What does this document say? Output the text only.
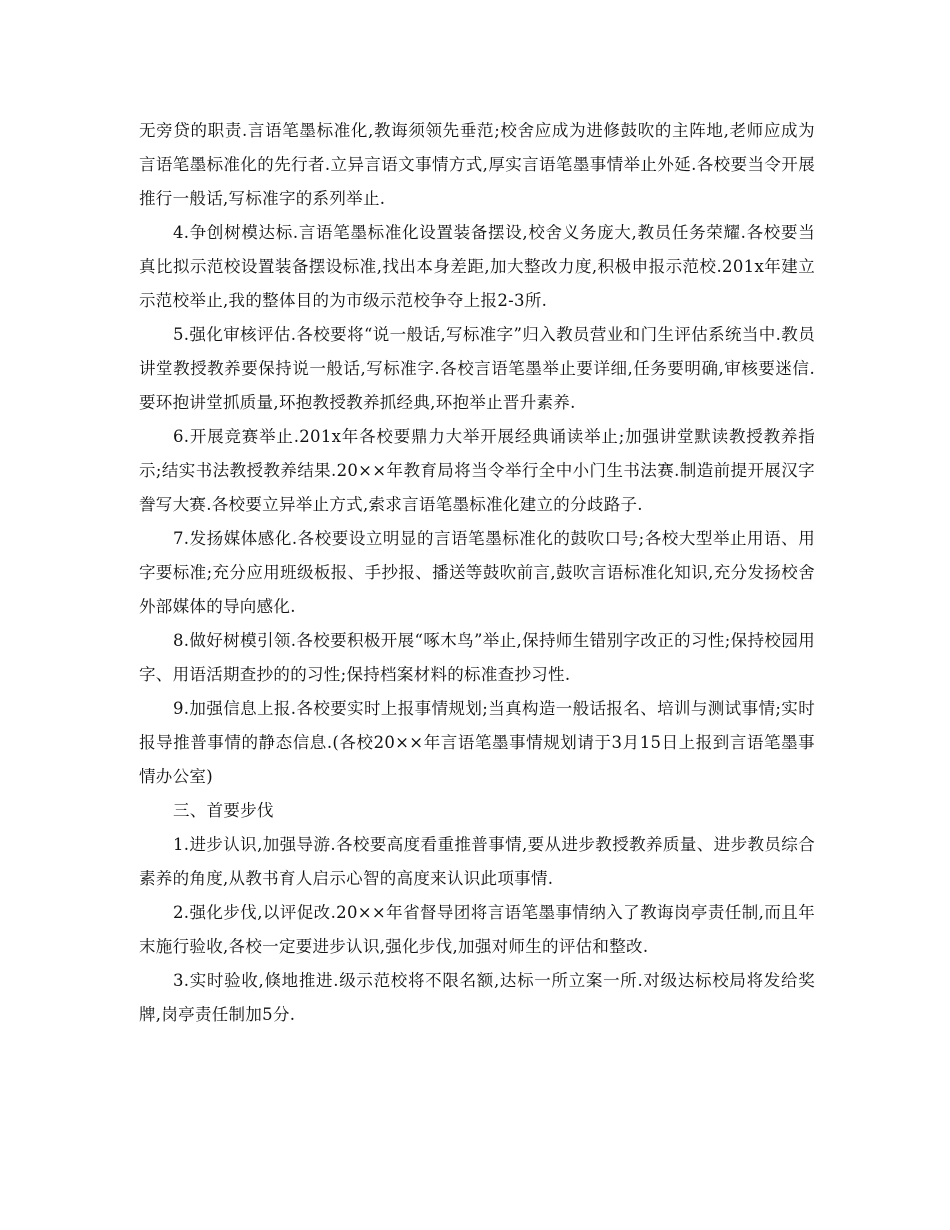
无旁贷的职责.言语笔墨标准化,教诲须领先垂范;校舍应成为进修鼓吹的主阵地,老师应成为言语笔墨标准化的先行者.立异言语文事情方式,厚实言语笔墨事情举止外延.各校要当令开展推行一般话,写标准字的系列举止.

4.争创树模达标.言语笔墨标准化设置装备摆设,校舍义务庞大,教员任务荣耀.各校要当真比拟示范校设置装备摆设标准,找出本身差距,加大整改力度,积极申报示范校.201x年建立示范校举止,我的整体目的为市级示范校争夺上报2-3所.

5.强化审核评估.各校要将“说一般话,写标准字”归入教员营业和门生评估系统当中.教员讲堂教授教养要保持说一般话,写标准字.各校言语笔墨举止要详细,任务要明确,审核要迷信.要环抱讲堂抓质量,环抱教授教养抓经典,环抱举止晋升素养.

6.开展竞赛举止.201x年各校要鼎力大举开展经典诵读举止;加强讲堂默读教授教养指示;结实书法教授教养结果.20××年教育局将当令举行全中小门生书法赛.制造前提开展汉字誊写大赛.各校要立异举止方式,索求言语笔墨标准化建立的分歧路子.

7.发扬媒体感化.各校要设立明显的言语笔墨标准化的鼓吹口号;各校大型举止用语、用字要标准;充分应用班级板报、手抄报、播送等鼓吹前言,鼓吹言语标准化知识,充分发扬校舍外部媒体的导向感化.

8.做好树模引领.各校要积极开展“啄木鸟”举止,保持师生错别字改正的习性;保持校园用字、用语活期查抄的的习性;保持档案材料的标准查抄习性.

9.加强信息上报.各校要实时上报事情规划;当真构造一般话报名、培训与测试事情;实时报导推普事情的静态信息.(各校20××年言语笔墨事情规划请于3月15日上报到言语笔墨事情办公室)

三、首要步伐

1.进步认识,加强导游.各校要高度看重推普事情,要从进步教授教养质量、进步教员综合素养的角度,从教书育人启示心智的高度来认识此项事情.

2.强化步伐,以评促改.20××年省督导团将言语笔墨事情纳入了教诲岗亭责任制,而且年末施行验收,各校一定要进步认识,强化步伐,加强对师生的评估和整改.

3.实时验收,倏地推进.级示范校将不限名额,达标一所立案一所.对级达标校局将发给奖牌,岗亭责任制加5分.
